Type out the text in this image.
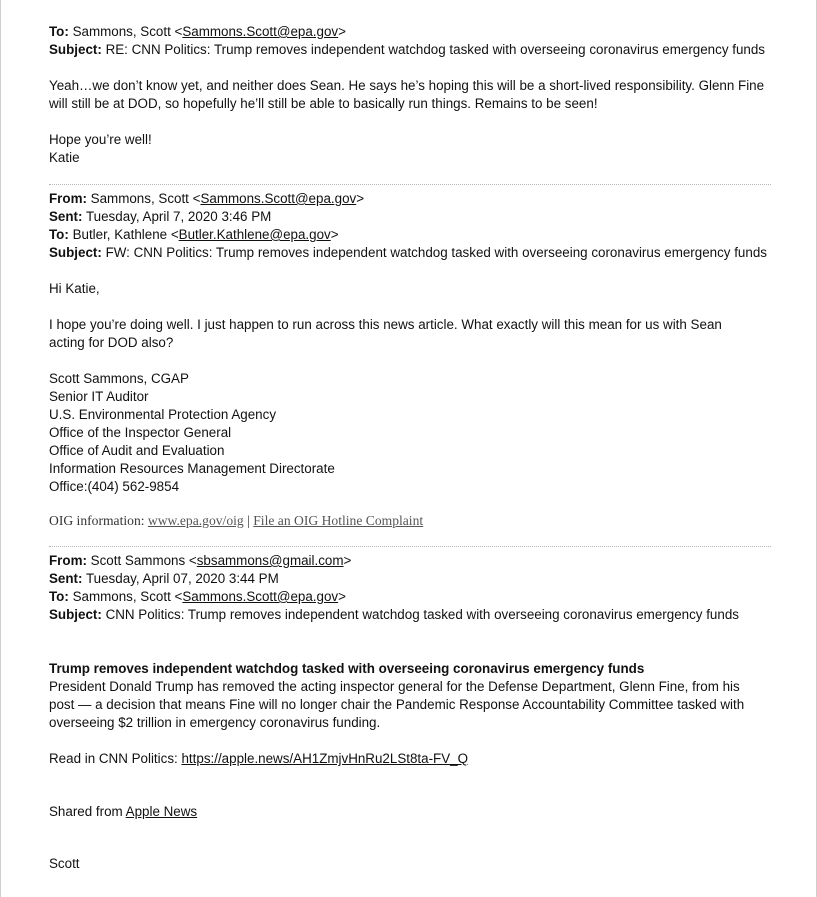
To: Sammons, Scott <Sammons.Scott@epa.gov>
Subject: RE: CNN Politics: Trump removes independent watchdog tasked with overseeing coronavirus emergency funds
Yeah…we don’t know yet, and neither does Sean. He says he’s hoping this will be a short-lived responsibility. Glenn Fine
will still be at DOD, so hopefully he’ll still be able to basically run things. Remains to be seen!
Hope you’re well!
Katie
From: Sammons, Scott <Sammons.Scott@epa.gov>
Sent: Tuesday, April 7, 2020 3:46 PM
To: Butler, Kathlene <Butler.Kathlene@epa.gov>
Subject: FW: CNN Politics: Trump removes independent watchdog tasked with overseeing coronavirus emergency funds
Hi Katie,
I hope you’re doing well. I just happen to run across this news article. What exactly will this mean for us with Sean
acting for DOD also?
Scott Sammons, CGAP
Senior IT Auditor
U.S. Environmental Protection Agency
Office of the Inspector General
Office of Audit and Evaluation
Information Resources Management Directorate
Office:(404) 562-9854
OIG information: www.epa.gov/oig | File an OIG Hotline Complaint
From: Scott Sammons <sbsammons@gmail.com>
Sent: Tuesday, April 07, 2020 3:44 PM
To: Sammons, Scott <Sammons.Scott@epa.gov>
Subject: CNN Politics: Trump removes independent watchdog tasked with overseeing coronavirus emergency funds
Trump removes independent watchdog tasked with overseeing coronavirus emergency funds
President Donald Trump has removed the acting inspector general for the Defense Department, Glenn Fine, from his
post — a decision that means Fine will no longer chair the Pandemic Response Accountability Committee tasked with
overseeing $2 trillion in emergency coronavirus funding.
Read in CNN Politics: https://apple.news/AH1ZmjvHnRu2LSt8ta-FV_Q
Shared from Apple News
Scott
